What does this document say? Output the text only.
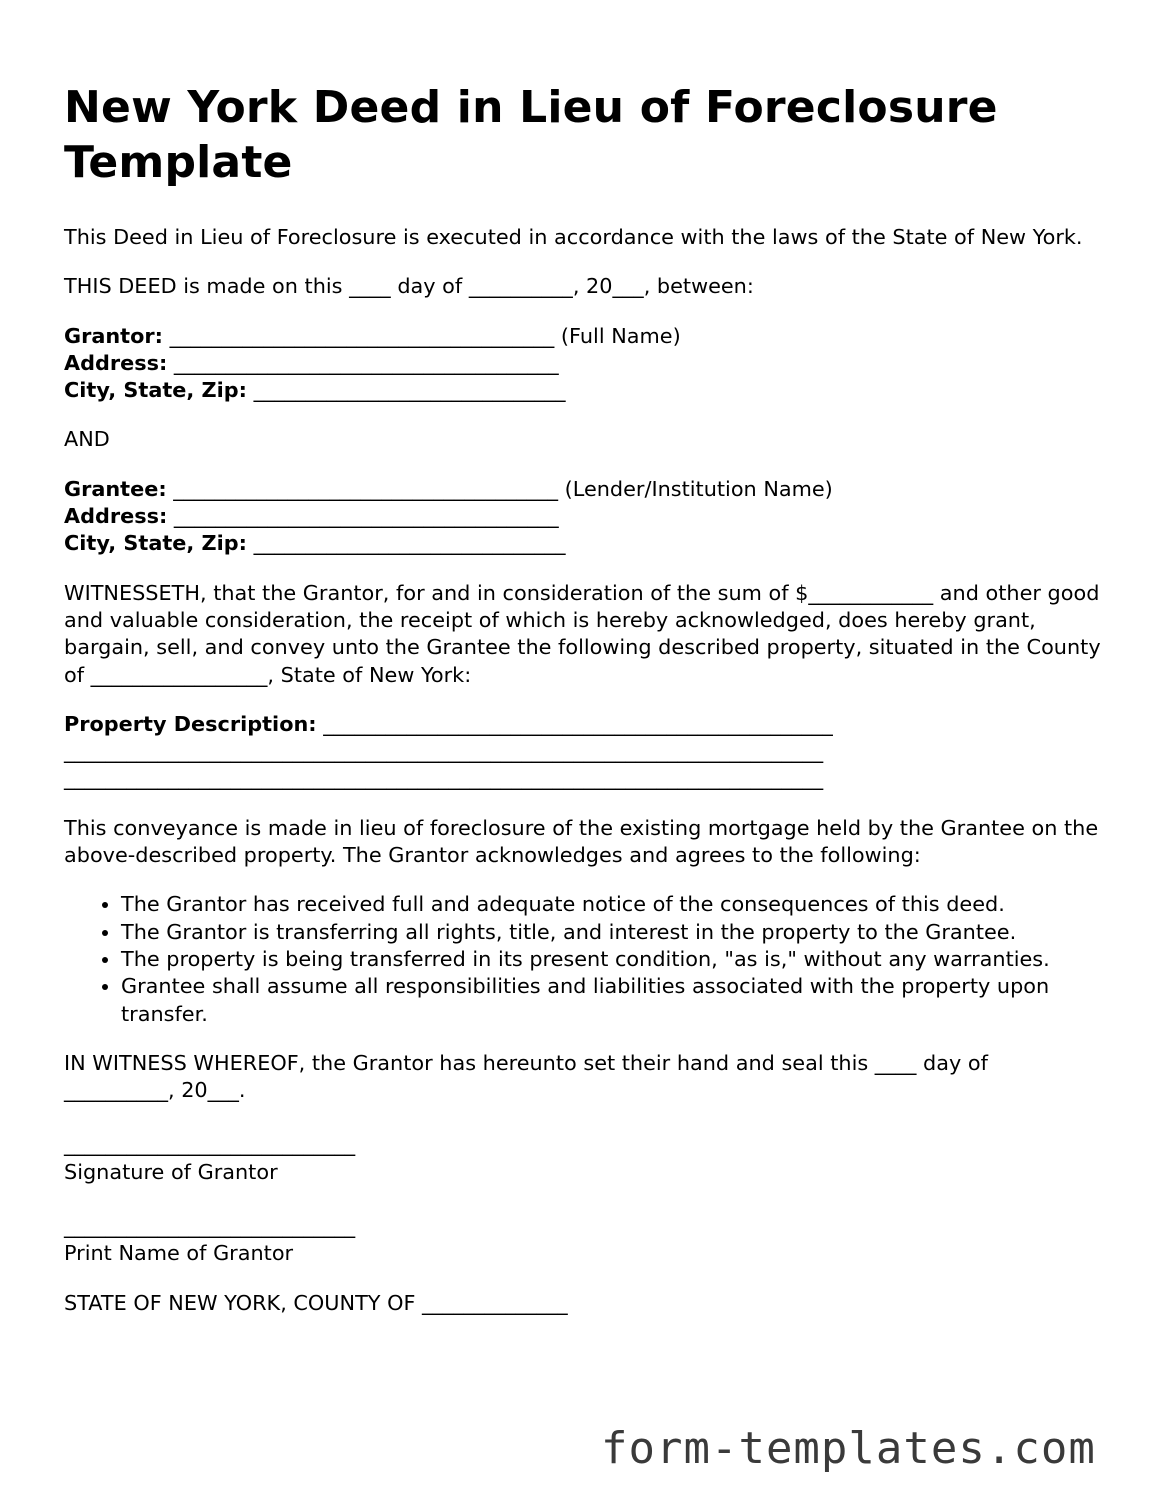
New York Deed in Lieu of Foreclosure Template

This Deed in Lieu of Foreclosure is executed in accordance with the laws of the State of New York.

THIS DEED is made on this ____ day of __________, 20___, between:

Grantor: _____________________________________ (Full Name)

Address: _____________________________________

City, State, Zip: ______________________________

AND

Grantee: _____________________________________ (Lender/Institution Name)

Address: _____________________________________

City, State, Zip: ______________________________

WITNESSETH, that the Grantor, for and in consideration of the sum of $____________ and other good and valuable consideration, the receipt of which is hereby acknowledged, does hereby grant, bargain, sell, and convey unto the Grantee the following described property, situated in the County of _________________, State of New York:

Property Description: _________________________________________________

_________________________________________________________________________

_________________________________________________________________________

This conveyance is made in lieu of foreclosure of the existing mortgage held by the Grantee on the above-described property. The Grantor acknowledges and agrees to the following:

• The Grantor has received full and adequate notice of the consequences of this deed.
• The Grantor is transferring all rights, title, and interest in the property to the Grantee.
• The property is being transferred in its present condition, "as is," without any warranties.
• Grantee shall assume all responsibilities and liabilities associated with the property upon transfer.

IN WITNESS WHEREOF, the Grantor has hereunto set their hand and seal this ____ day of __________, 20___.

____________________________

Signature of Grantor

____________________________

Print Name of Grantor

STATE OF NEW YORK, COUNTY OF ______________

form-templates.com
